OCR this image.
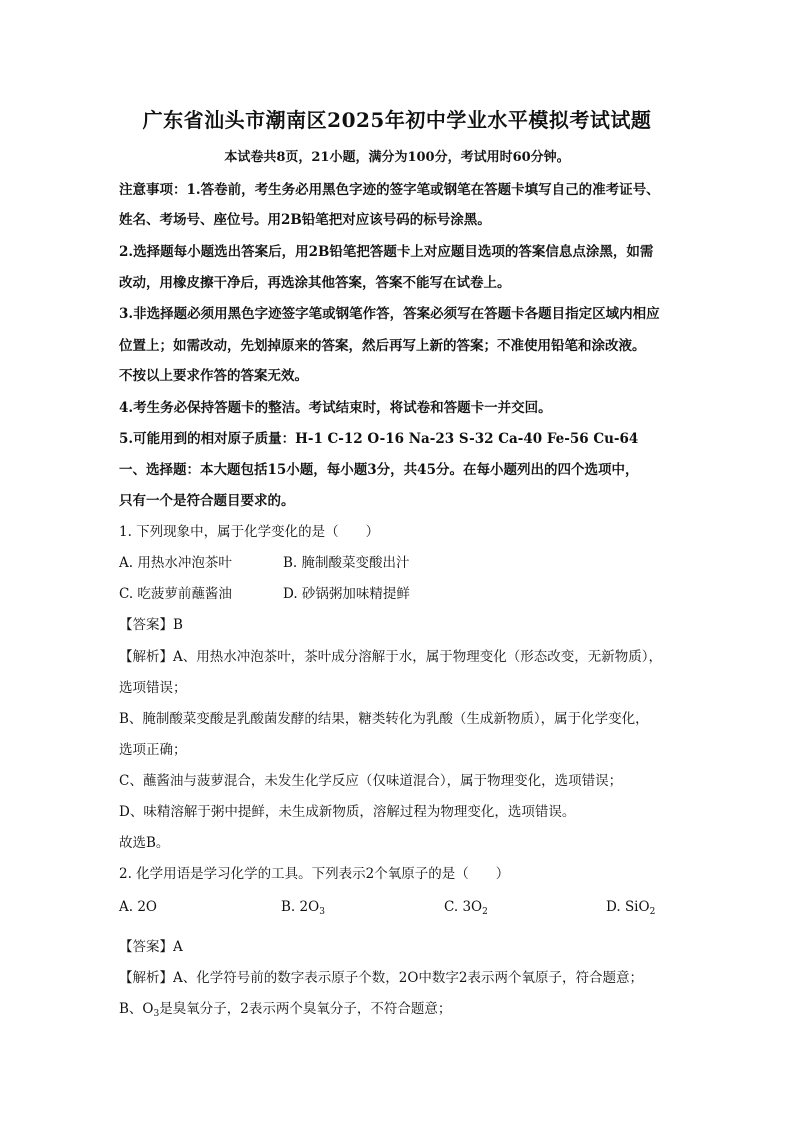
广东省汕头市潮南区2025年初中学业水平模拟考试试题
本试卷共8页，21小题，满分为100分，考试用时60分钟。
注意事项：1.答卷前，考生务必用黑色字迹的签字笔或钢笔在答题卡填写自己的准考证号、
姓名、考场号、座位号。用2B铅笔把对应该号码的标号涂黑。
2.选择题每小题选出答案后，用2B铅笔把答题卡上对应题目选项的答案信息点涂黑，如需
改动，用橡皮擦干净后，再选涂其他答案，答案不能写在试卷上。
3.非选择题必须用黑色字迹签字笔或钢笔作答，答案必须写在答题卡各题目指定区域内相应
位置上；如需改动，先划掉原来的答案，然后再写上新的答案；不准使用铅笔和涂改液。
不按以上要求作答的答案无效。
4.考生务必保持答题卡的整洁。考试结束时，将试卷和答题卡一并交回。
5.可能用到的相对原子质量：H-1 C-12 O-16 Na-23 S-32 Ca-40 Fe-56 Cu-64
一、选择题：本大题包括15小题，每小题3分，共45分。在每小题列出的四个选项中，
只有一个是符合题目要求的。
1. 下列现象中，属于化学变化的是（　　）
A. 用热水冲泡茶叶	B. 腌制酸菜变酸出汁
C. 吃菠萝前蘸酱油	D. 砂锅粥加味精提鲜
【答案】B
【解析】A、用热水冲泡茶叶，茶叶成分溶解于水，属于物理变化（形态改变，无新物质），
选项错误；
B、腌制酸菜变酸是乳酸菌发酵的结果，糖类转化为乳酸（生成新物质），属于化学变化，
选项正确；
C、蘸酱油与菠萝混合，未发生化学反应（仅味道混合），属于物理变化，选项错误；
D、味精溶解于粥中提鲜，未生成新物质，溶解过程为物理变化，选项错误。
故选B。
2. 化学用语是学习化学的工具。下列表示2个氧原子的是（　　）
A. 2O	B. $2O_3$	C. $3O_2$	D. SiO$_2$
【答案】A
【解析】A、化学符号前的数字表示原子个数，2O中数字2表示两个氧原子，符合题意；
B、$O_3$是臭氧分子，2表示两个臭氧分子，不符合题意；
